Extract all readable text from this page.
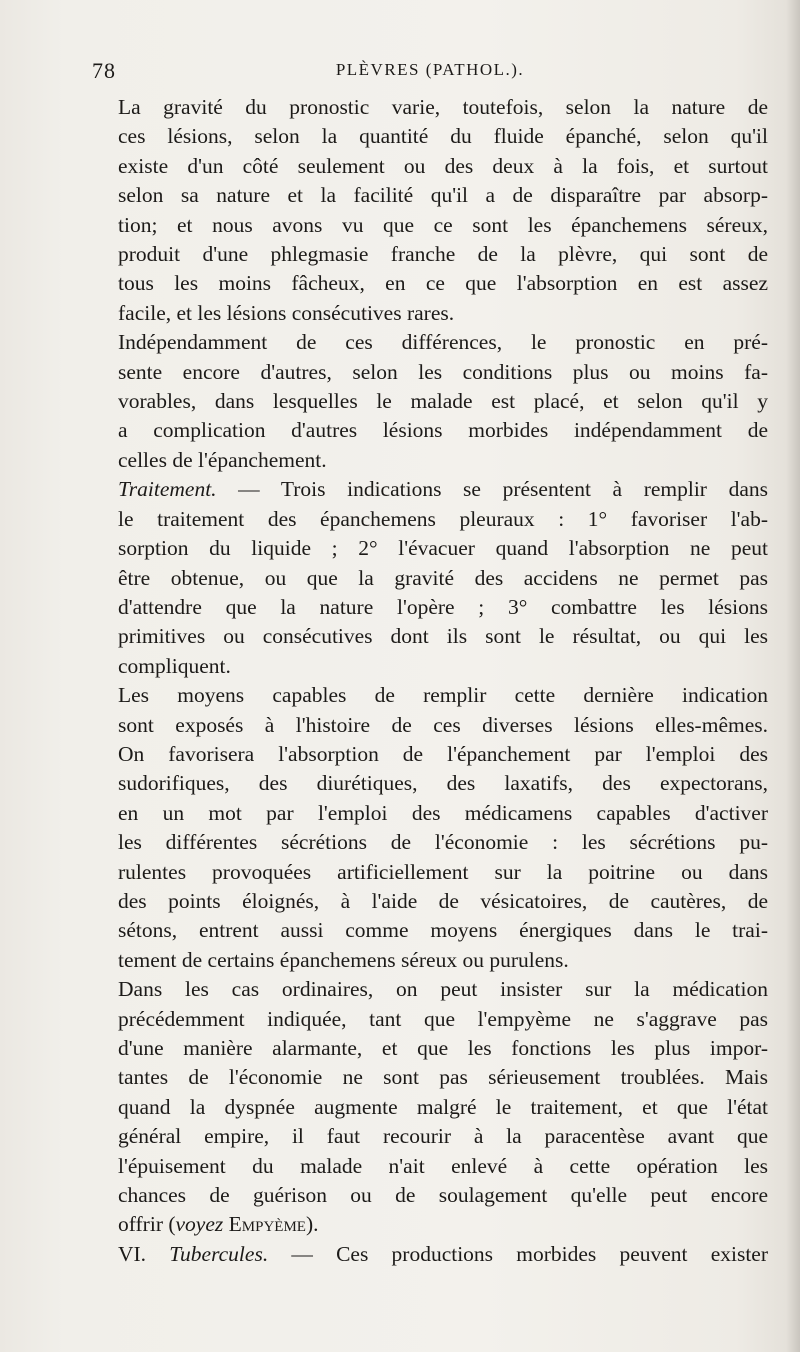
78	PLÈVRES (PATHOL.).

La gravité du pronostic varie, toutefois, selon la nature de
ces lésions, selon la quantité du fluide épanché, selon qu'il
existe d'un côté seulement ou des deux à la fois, et surtout
selon sa nature et la facilité qu'il a de disparaître par absorp-
tion; et nous avons vu que ce sont les épanchemens séreux,
produit d'une phlegmasie franche de la plèvre, qui sont de
tous les moins fâcheux, en ce que l'absorption en est assez
facile, et les lésions consécutives rares.

Indépendamment de ces différences, le pronostic en pré-
sente encore d'autres, selon les conditions plus ou moins fa-
vorables, dans lesquelles le malade est placé, et selon qu'il y
a complication d'autres lésions morbides indépendamment de
celles de l'épanchement.

Traitement. — Trois indications se présentent à remplir dans
le traitement des épanchemens pleuraux : 1° favoriser l'ab-
sorption du liquide ; 2° l'évacuer quand l'absorption ne peut
être obtenue, ou que la gravité des accidens ne permet pas
d'attendre que la nature l'opère ; 3° combattre les lésions
primitives ou consécutives dont ils sont le résultat, ou qui les
compliquent.

Les moyens capables de remplir cette dernière indication
sont exposés à l'histoire de ces diverses lésions elles-mêmes.
On favorisera l'absorption de l'épanchement par l'emploi des
sudorifiques, des diurétiques, des laxatifs, des expectorans,
en un mot par l'emploi des médicamens capables d'activer
les différentes sécrétions de l'économie : les sécrétions pu-
rulentes provoquées artificiellement sur la poitrine ou dans
des points éloignés, à l'aide de vésicatoires, de cautères, de
sétons, entrent aussi comme moyens énergiques dans le trai-
tement de certains épanchemens séreux ou purulens.

Dans les cas ordinaires, on peut insister sur la médication
précédemment indiquée, tant que l'empyème ne s'aggrave pas
d'une manière alarmante, et que les fonctions les plus impor-
tantes de l'économie ne sont pas sérieusement troublées. Mais
quand la dyspnée augmente malgré le traitement, et que l'état
général empire, il faut recourir à la paracentèse avant que
l'épuisement du malade n'ait enlevé à cette opération les
chances de guérison ou de soulagement qu'elle peut encore
offrir (voyez Empyème).

VI. Tubercules. — Ces productions morbides peuvent exister
